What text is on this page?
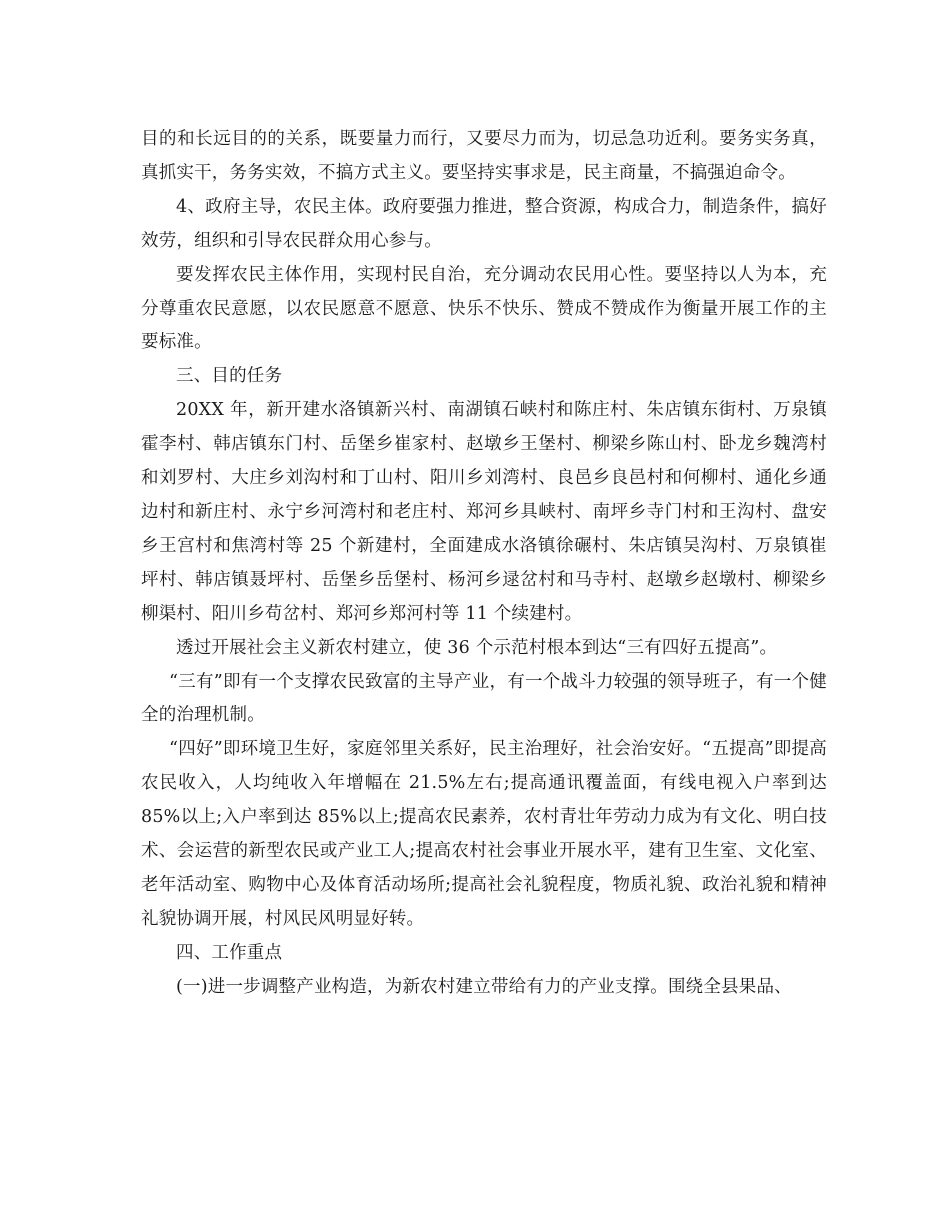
目的和长远目的的关系，既要量力而行，又要尽力而为，切忌急功近利。要务实务真，真抓实干，务务实效，不搞方式主义。要坚持实事求是，民主商量，不搞强迫命令。

4、政府主导，农民主体。政府要强力推进，整合资源，构成合力，制造条件，搞好效劳，组织和引导农民群众用心参与。

要发挥农民主体作用，实现村民自治，充分调动农民用心性。要坚持以人为本，充分尊重农民意愿，以农民愿意不愿意、快乐不快乐、赞成不赞成作为衡量开展工作的主要标准。

三、目的任务

20XX 年，新开建水洛镇新兴村、南湖镇石峡村和陈庄村、朱店镇东街村、万泉镇霍李村、韩店镇东门村、岳堡乡崔家村、赵墩乡王堡村、柳梁乡陈山村、卧龙乡魏湾村和刘罗村、大庄乡刘沟村和丁山村、阳川乡刘湾村、良邑乡良邑村和何柳村、通化乡通边村和新庄村、永宁乡河湾村和老庄村、郑河乡具峡村、南坪乡寺门村和王沟村、盘安乡王宫村和焦湾村等 25 个新建村，全面建成水洛镇徐碾村、朱店镇吴沟村、万泉镇崔坪村、韩店镇聂坪村、岳堡乡岳堡村、杨河乡逯岔村和马寺村、赵墩乡赵墩村、柳梁乡柳渠村、阳川乡苟岔村、郑河乡郑河村等 11 个续建村。

透过开展社会主义新农村建立，使 36 个示范村根本到达“三有四好五提高”。

“三有”即有一个支撑农民致富的主导产业，有一个战斗力较强的领导班子，有一个健全的治理机制。

“四好”即环境卫生好，家庭邻里关系好，民主治理好，社会治安好。“五提高”即提高农民收入，人均纯收入年增幅在 21.5%左右;提高通讯覆盖面，有线电视入户率到达 85%以上;入户率到达 85%以上;提高农民素养，农村青壮年劳动力成为有文化、明白技术、会运营的新型农民或产业工人;提高农村社会事业开展水平，建有卫生室、文化室、老年活动室、购物中心及体育活动场所;提高社会礼貌程度，物质礼貌、政治礼貌和精神礼貌协调开展，村风民风明显好转。

四、工作重点

(一)进一步调整产业构造，为新农村建立带给有力的产业支撑。围绕全县果品、
